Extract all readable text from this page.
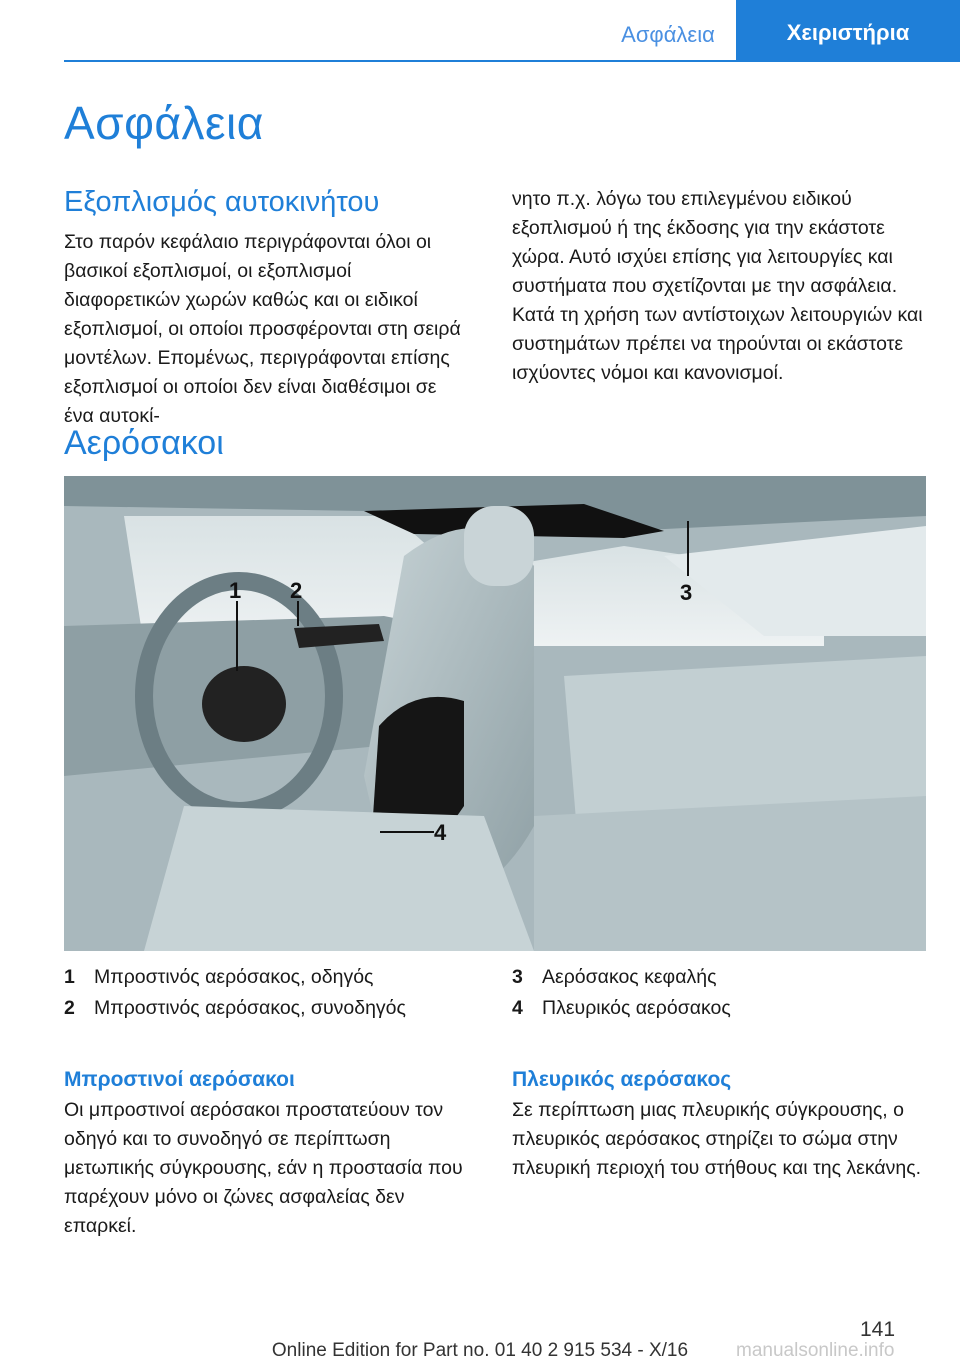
Ασφάλεια	Χειριστήρια
Ασφάλεια
Εξοπλισμός αυτοκινήτου

Στο παρόν κεφάλαιο περιγράφονται όλοι οι βασικοί εξοπλισμοί, οι εξοπλισμοί διαφορετικών χωρών καθώς και οι ειδικοί εξοπλισμοί, οι οποίοι προσφέρονται στη σειρά μοντέλων. Επομένως, περιγράφονται επίσης εξοπλισμοί οι οποίοι δεν είναι διαθέσιμοι σε ένα αυτοκί-

νητο π.χ. λόγω του επιλεγμένου ειδικού εξοπλισμού ή της έκδοσης για την εκάστοτε χώρα. Αυτό ισχύει επίσης για λειτουργίες και συστήματα που σχετίζονται με την ασφάλεια. Κατά τη χρήση των αντίστοιχων λειτουργιών και συστημάτων πρέπει να τηρούνται οι εκάστοτε ισχύοντες νόμοι και κανονισμοί.

Αερόσακοι
1 2	3
4
1 Μπροστινός αερόσακος, οδηγός
2 Μπροστινός αερόσακος, συνοδηγός
3 Αερόσακος κεφαλής
4 Πλευρικός αερόσακος
Μπροστινοί αερόσακοι

Οι μπροστινοί αερόσακοι προστατεύουν τον οδηγό και το συνοδηγό σε περίπτωση μετωπικής σύγκρουσης, εάν η προστασία που παρέχουν μόνο οι ζώνες ασφαλείας δεν επαρκεί.

Πλευρικός αερόσακος

Σε περίπτωση μιας πλευρικής σύγκρουσης, ο πλευρικός αερόσακος στηρίζει το σώμα στην πλευρική περιοχή του στήθους και της λεκάνης.

141
Online Edition for Part no. 01 40 2 915 534 - X/16	manualsonline.info
